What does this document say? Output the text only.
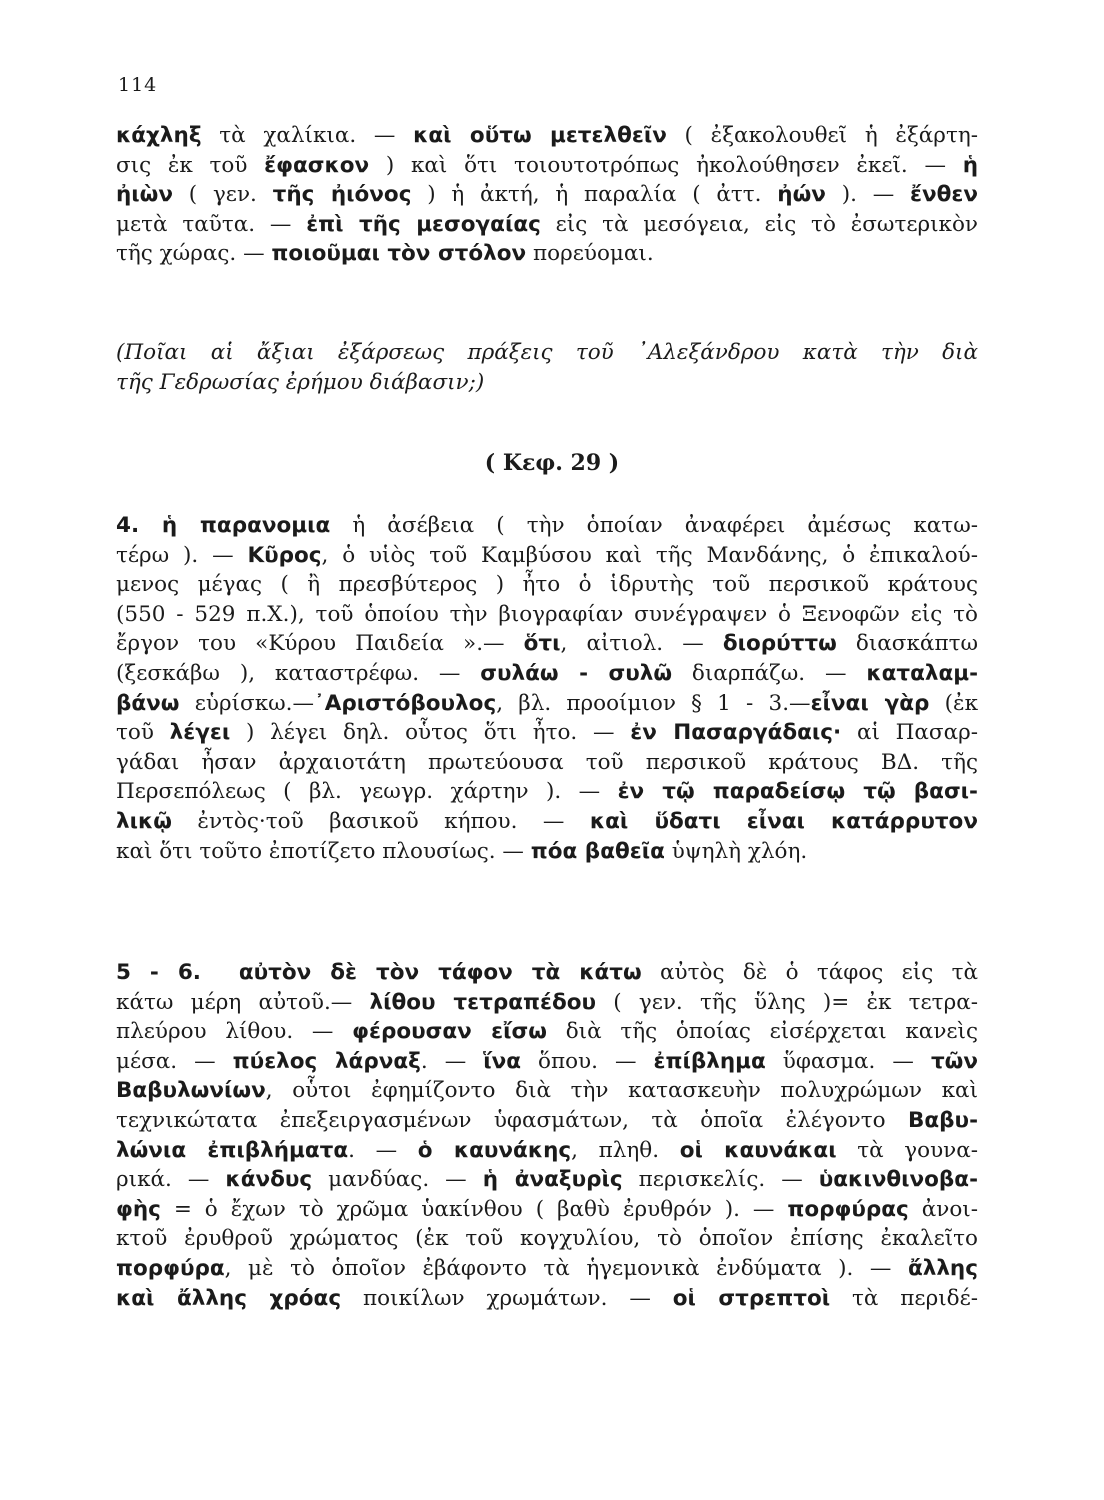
114
κάχληξ τὰ χαλίκια. — καὶ οὕτω μετελθεῖν ( ἐξακολουθεῖ ἡ ἐξάρτη-
σις ἐκ τοῦ ἔφασκον ) καὶ ὅτι τοιουτοτρόπως ἠκολούθησεν ἐκεῖ. — ἡ
ἠιὼν ( γεν. τῆς ἠιόνος ) ἡ ἀκτή, ἡ παραλία ( ἀττ. ἠών ). — ἔνθεν
μετὰ ταῦτα. — ἐπὶ τῆς μεσογαίας εἰς τὰ μεσόγεια, εἰς τὸ ἐσωτερικὸν
τῆς χώρας. — ποιοῦμαι τὸν στόλον πορεύομαι.
(Ποῖαι αἱ ἄξιαι ἐξάρσεως πράξεις τοῦ ᾿Αλεξάνδρου κατὰ τὴν διὰ
τῆς Γεδρωσίας ἐρήμου διάβασιν;)
( Κεφ. 29 )
4. ἡ παρανομια ἡ ἀσέβεια ( τὴν ὁποίαν ἀναφέρει ἀμέσως κατω-
τέρω ). — Κῦρος, ὁ υἱὸς τοῦ Καμβύσου καὶ τῆς Μανδάνης, ὁ ἐπικαλού-
μενος μέγας ( ἢ πρεσβύτερος ) ἦτο ὁ ἱδρυτὴς τοῦ περσικοῦ κράτους
(550 - 529 π.Χ.), τοῦ ὁποίου τὴν βιογραφίαν συνέγραψεν ὁ Ξενοφῶν εἰς τὸ
ἔργον του «Κύρου Παιδεία ».— ὅτι, αἰτιολ. — διορύττω διασκάπτω
(ξεσκάβω ), καταστρέφω. — συλάω - συλῶ διαρπάζω. — καταλαμ-
βάνω εὑρίσκω.—᾿Αριστόβουλος, βλ. προοίμιον § 1 - 3.—εἶναι γὰρ (ἐκ
τοῦ λέγει ) λέγει δηλ. οὗτος ὅτι ἦτο. — ἐν Πασαργάδαις· αἱ Πασαρ-
γάδαι ἦσαν ἀρχαιοτάτη πρωτεύουσα τοῦ περσικοῦ κράτους ΒΔ. τῆς
Περσεπόλεως ( βλ. γεωγρ. χάρτην ). — ἐν τῷ παραδείσῳ τῷ βασι-
λικῷ ἐντὸς·τοῦ βασικοῦ κήπου. — καὶ ὕδατι εἶναι κατάρρυτον
καὶ ὅτι τοῦτο ἐποτίζετο πλουσίως. — πόα βαθεῖα ὑψηλὴ χλόη.
5 - 6.  αὐτὸν δὲ τὸν τάφον τὰ κάτω αὐτὸς δὲ ὁ τάφος εἰς τὰ
κάτω μέρη αὐτοῦ.— λίθου τετραπέδου ( γεν. τῆς ὕλης )= ἐκ τετρα-
πλεύρου λίθου. — φέρουσαν εἴσω διὰ τῆς ὁποίας εἰσέρχεται κανεὶς
μέσα. — πύελος λάρναξ. — ἵνα ὅπου. — ἐπίβλημα ὕφασμα. — τῶν
Βαβυλωνίων, οὗτοι ἐφημίζοντο διὰ τὴν κατασκευὴν πολυχρώμων καὶ
τεχνικώτατα ἐπεξειργασμένων ὑφασμάτων, τὰ ὁποῖα ἐλέγοντο Βαβυ-
λώνια ἐπιβλήματα. — ὁ καυνάκης, πληθ. οἱ καυνάκαι τὰ γουνα-
ρικά. — κάνδυς μανδύας. — ἡ ἀναξυρὶς περισκελίς. — ὑακινθινοβα-
φὴς = ὁ ἔχων τὸ χρῶμα ὑακίνθου ( βαθὺ ἐρυθρόν ). — πορφύρας ἀνοι-
κτοῦ ἐρυθροῦ χρώματος (ἐκ τοῦ κογχυλίου, τὸ ὁποῖον ἐπίσης ἐκαλεῖτο
πορφύρα, μὲ τὸ ὁποῖον ἐβάφοντο τὰ ἡγεμονικὰ ἐνδύματα ). — ἄλλης
καὶ ἄλλης χρόας ποικίλων χρωμάτων. — οἱ στρεπτοὶ τὰ περιδέ-
